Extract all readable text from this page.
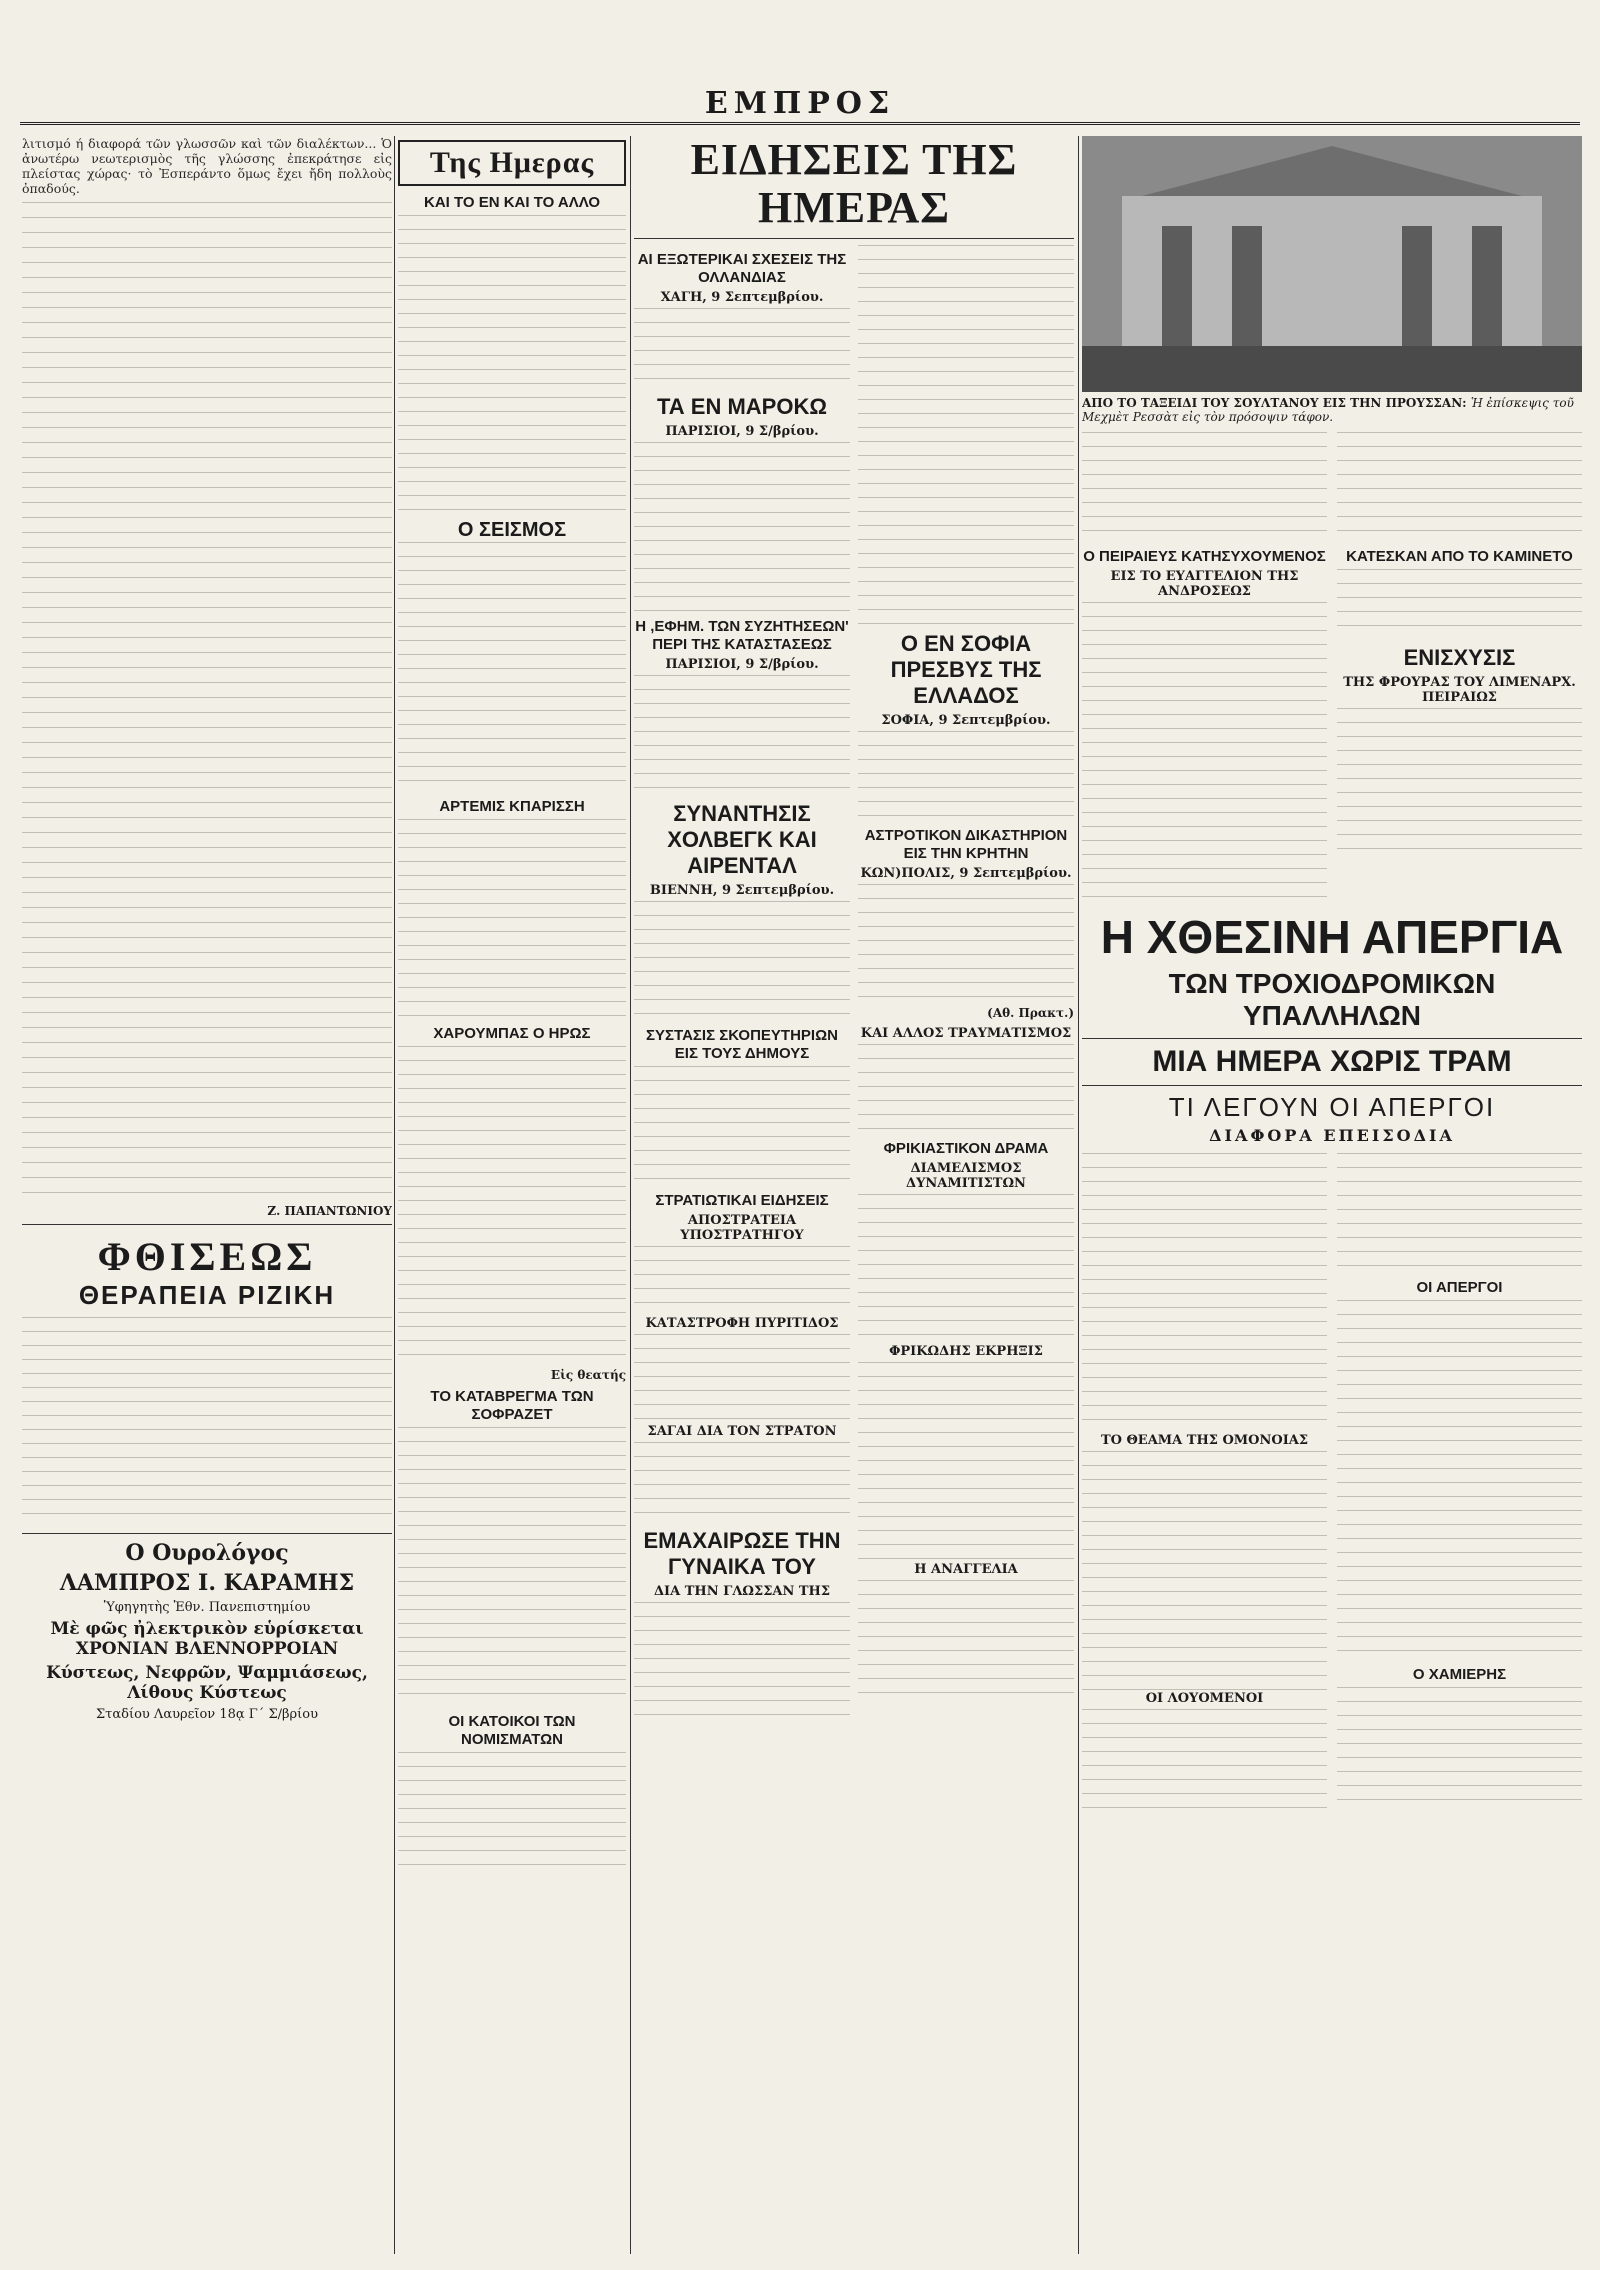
ΕΜΠΡΟΣ

λιτισμό ή διαφορά τῶν γλωσσῶν καὶ τῶν διαλέκτων... Ὁ ἀνωτέρω νεωτερισμὸς τῆς γλώσσης ἐπεκράτησε εἰς πλείστας χώρας· τὸ Ἐσπεράντο ὅμως ἔχει ἤδη πολλοὺς ὀπαδούς.

Ζ. ΠΑΠΑΝΤΩΝΙΟΥ
ΦΘΙΣΕΩΣ
ΘΕΡΑΠΕΙΑ ΡΙΖΙΚΗ
Ο Ουρολόγος
ΛΑΜΠΡΟΣ Ι. ΚΑΡΑΜΗΣ
Ὑφηγητὴς Ἐθν. Πανεπιστημίου
Μὲ φῶς ἠλεκτρικὸν εὑρίσκεται ΧΡΟΝΙΑΝ ΒΛΕΝΝΟΡΡΟΙΑΝ
Κύστεως, Νεφρῶν, Ψαμμιάσεως, Λίθους Κύστεως
Σταδίου Λαυρεῖον 18ᾳ Γ΄ Σ/βρίου
Της Ημερας
ΚΑΙ ΤΟ ΕΝ ΚΑΙ ΤΟ ΑΛΛΟ
Ο ΣΕΙΣΜΟΣ
ΑΡΤΕΜΙΣ ΚΠΑΡΙΣΣΗ
ΧΑΡΟΥΜΠΑΣ Ο ΗΡΩΣ
Εἰς θεατής
ΤΟ ΚΑΤΑΒΡΕΓΜΑ ΤΩΝ ΣΟΦΡΑΖΕΤ
ΟΙ ΚΑΤΟΙΚΟΙ ΤΩΝ ΝΟΜΙΣΜΑΤΩΝ
ΕΙΔΗΣΕΙΣ ΤΗΣ ΗΜΕΡΑΣ
ΑΙ ΕΞΩΤΕΡΙΚΑΙ ΣΧΕΣΕΙΣ ΤΗΣ ΟΛΛΑΝΔΙΑΣ
ΧΑΓΗ, 9 Σεπτεμβρίου.
ΤΑ ΕΝ ΜΑΡΟΚΩ
ΠΑΡΙΣΙΟΙ, 9 Σ/βρίου.
Η ,ΕΦΗΜ. ΤΩΝ ΣΥΖΗΤΗΣΕΩΝ' ΠΕΡΙ ΤΗΣ ΚΑΤΑΣΤΑΣΕΩΣ
ΠΑΡΙΣΙΟΙ, 9 Σ/βρίου.
ΣΥΝΑΝΤΗΣΙΣ ΧΟΛΒΕΓΚ ΚΑΙ ΑΙΡΕΝΤΑΛ
ΒΙΕΝΝΗ, 9 Σεπτεμβρίου.
ΣΥΣΤΑΣΙΣ ΣΚΟΠΕΥΤΗΡΙΩΝ ΕΙΣ ΤΟΥΣ ΔΗΜΟΥΣ
ΣΤΡΑΤΙΩΤΙΚΑΙ ΕΙΔΗΣΕΙΣ
ΑΠΟΣΤΡΑΤΕΙΑ ΥΠΟΣΤΡΑΤΗΓΟΥ
ΚΑΤΑΣΤΡΟΦΗ ΠΥΡΙΤΙΔΟΣ
ΣΑΓΑΙ ΔΙΑ ΤΟΝ ΣΤΡΑΤΟΝ
ΕΜΑΧΑΙΡΩΣΕ ΤΗΝ ΓΥΝΑΙΚΑ ΤΟΥ
ΔΙΑ ΤΗΝ ΓΛΩΣΣΑΝ ΤΗΣ
Ο ΕΝ ΣΟΦΙΑ ΠΡΕΣΒΥΣ ΤΗΣ ΕΛΛΑΔΟΣ
ΣΟΦΙΑ, 9 Σεπτεμβρίου.
ΑΣΤΡΟΤΙΚΟΝ ΔΙΚΑΣΤΗΡΙΟΝ ΕΙΣ ΤΗΝ ΚΡΗΤΗΝ
ΚΩΝ)ΠΟΛΙΣ, 9 Σεπτεμβρίου.
(Αθ. Πρακτ.)
ΚΑΙ ΑΛΛΟΣ ΤΡΑΥΜΑΤΙΣΜΟΣ
ΦΡΙΚΙΑΣΤΙΚΟΝ ΔΡΑΜΑ
ΔΙΑΜΕΛΙΣΜΟΣ ΔΥΝΑΜΙΤΙΣΤΩΝ
ΦΡΙΚΩΔΗΣ ΕΚΡΗΞΙΣ
Η ΑΝΑΓΓΕΛΙΑ
ΑΠΟ ΤΟ ΤΑΞΕΙΔΙ ΤΟΥ ΣΟΥΛΤΑΝΟΥ ΕΙΣ ΤΗΝ ΠΡΟΥΣΣΑΝ: Ἡ ἐπίσκεψις τοῦ Μεχμὲτ Ρεσσὰτ εἰς τὸν πρόσοψιν τάφον.
Ο ΠΕΙΡΑΙΕΥΣ ΚΑΤΗΣΥΧΟΥΜΕΝΟΣ
ΕΙΣ ΤΟ ΕΥΑΓΓΕΛΙΟΝ ΤΗΣ ΑΝΔΡΟΣΕΩΣ
ΚΑΤΕΣΚΑΝ ΑΠΟ ΤΟ ΚΑΜΙΝΕΤΟ
ΕΝΙΣΧΥΣΙΣ
ΤΗΣ ΦΡΟΥΡΑΣ ΤΟΥ ΛΙΜΕΝΑΡΧ. ΠΕΙΡΑΙΩΣ
Η ΧΘΕΣΙΝΗ ΑΠΕΡΓΙΑ
ΤΩΝ ΤΡΟΧΙΟΔΡΟΜΙΚΩΝ ΥΠΑΛΛΗΛΩΝ
ΜΙΑ ΗΜΕΡΑ ΧΩΡΙΣ ΤΡΑΜ
ΤΙ ΛΕΓΟΥΝ ΟΙ ΑΠΕΡΓΟΙ
ΔΙΑΦΟΡΑ ΕΠΕΙΣΟΔΙΑ
ΤΟ ΘΕΑΜΑ ΤΗΣ ΟΜΟΝΟΙΑΣ
ΟΙ ΛΟΥΟΜΕΝΟΙ
ΟΙ ΑΠΕΡΓΟΙ
Ο ΧΑΜΙΕΡΗΣ
